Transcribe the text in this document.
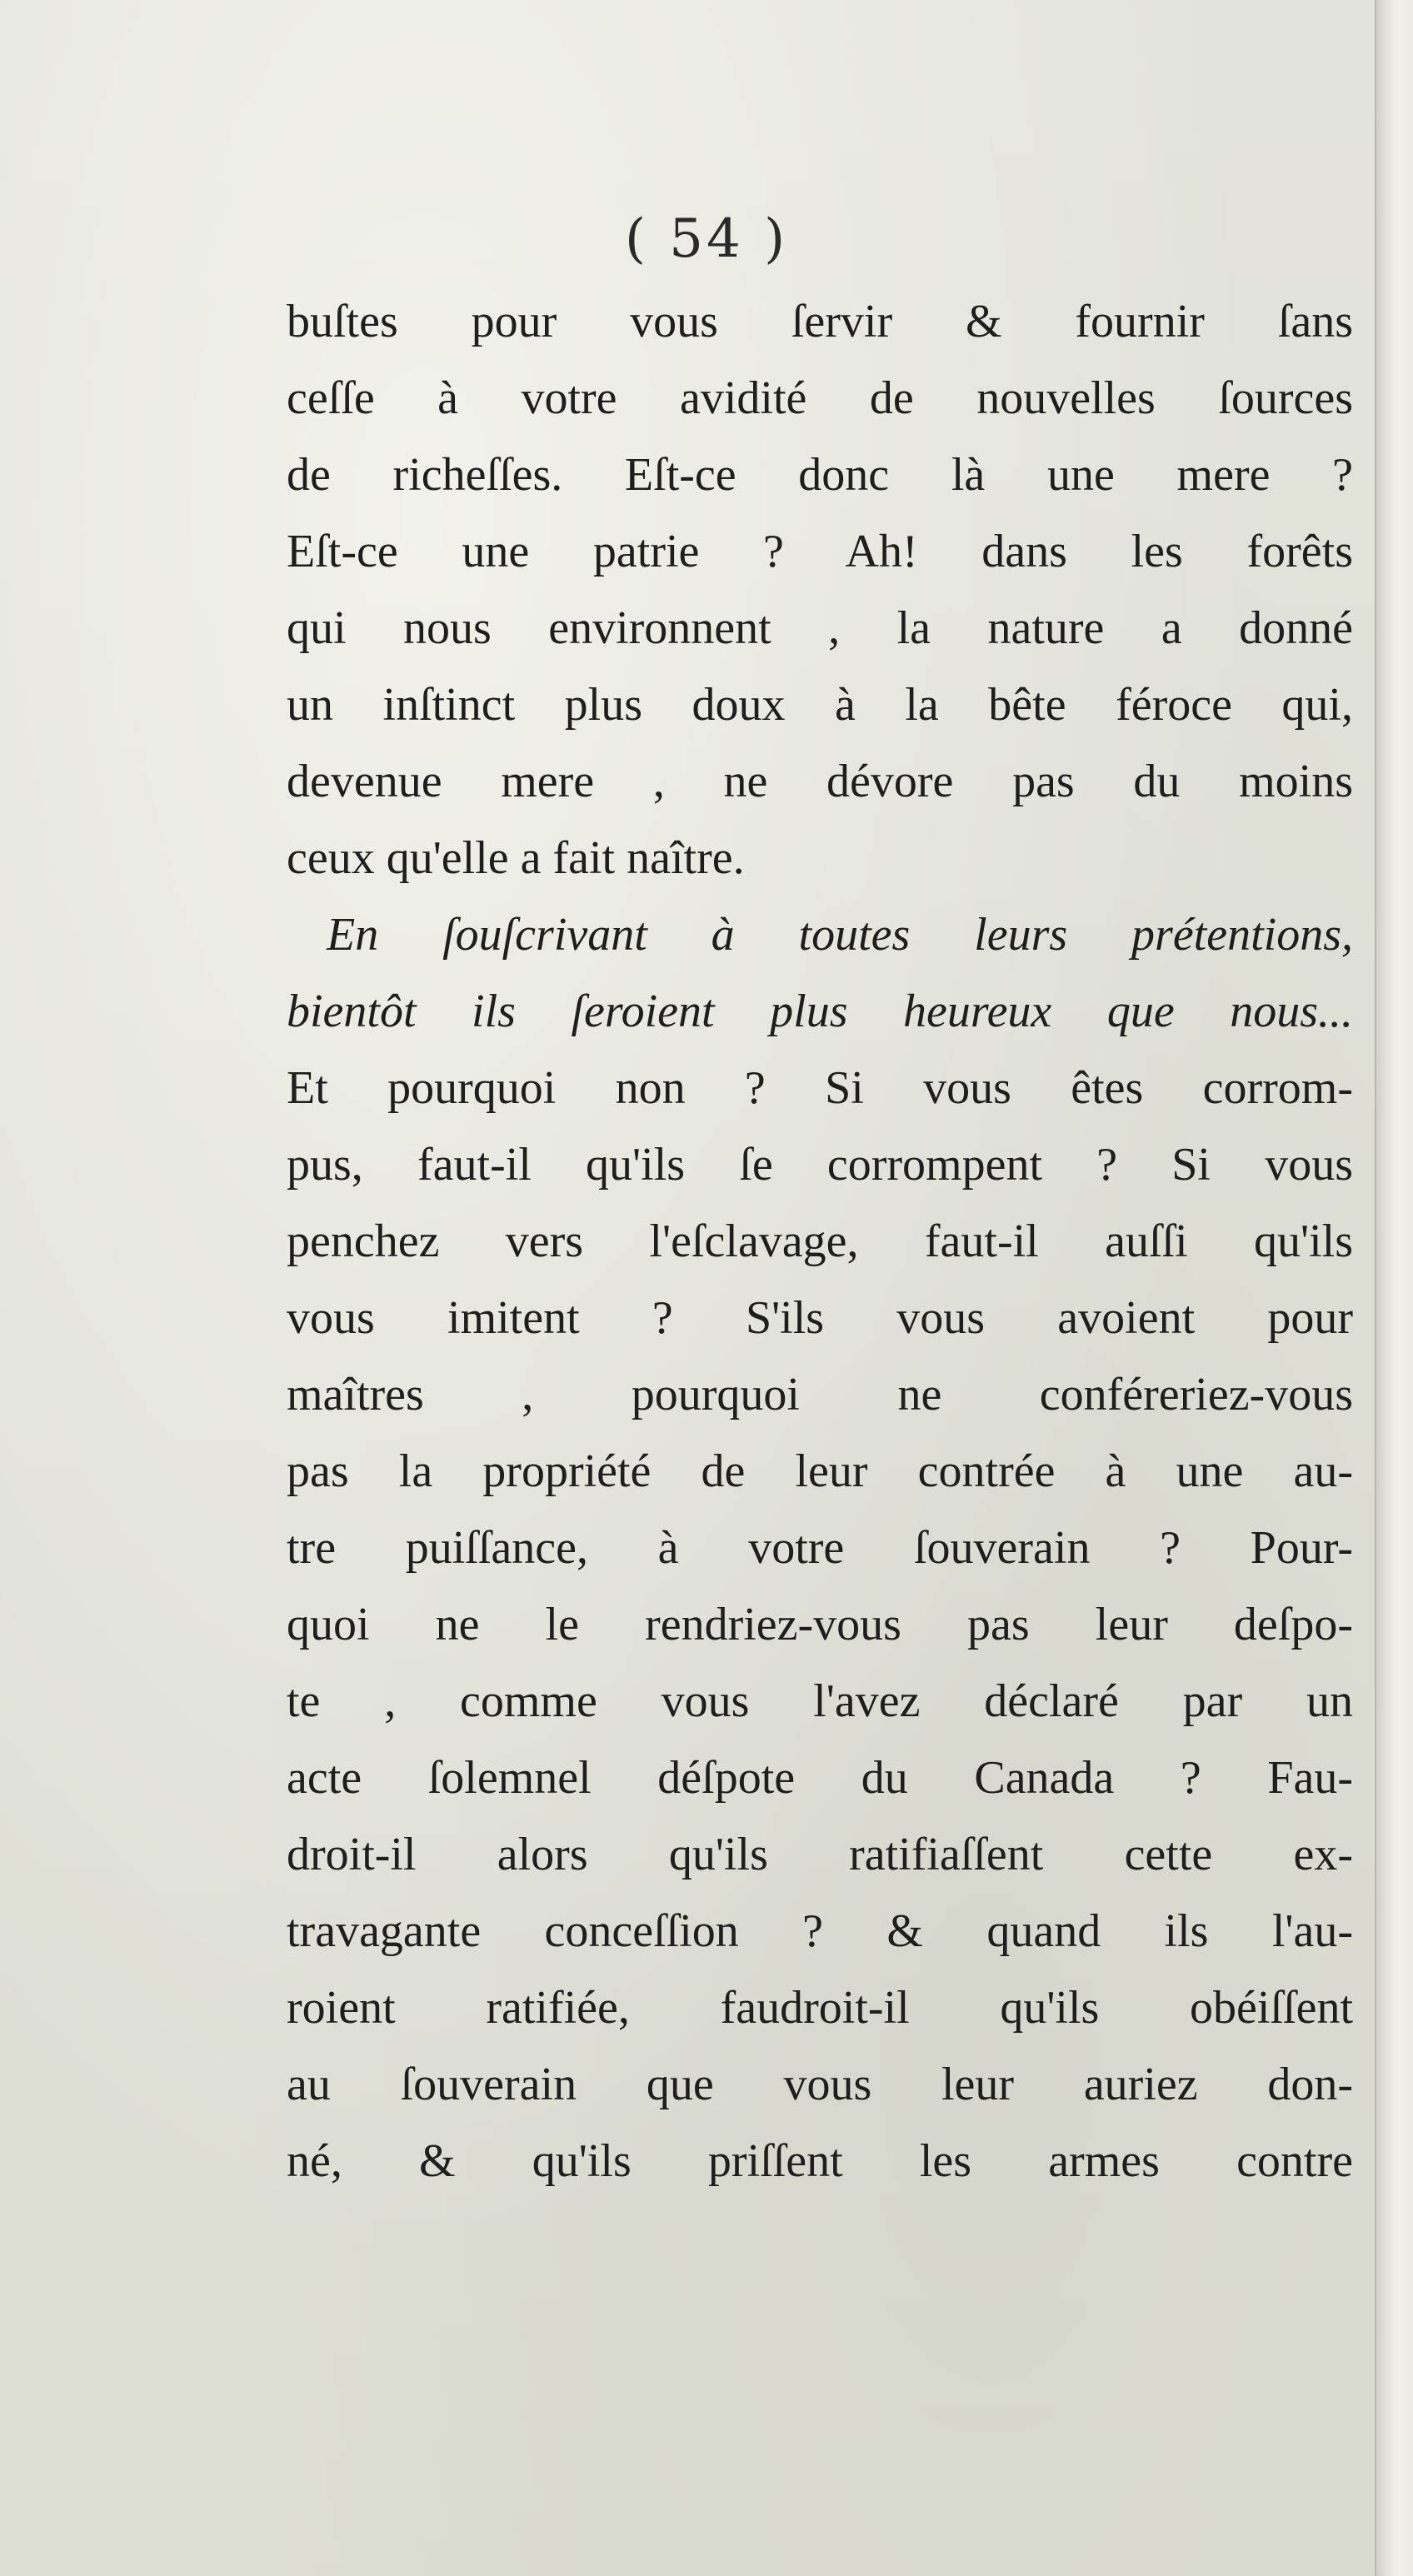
( 54 )
buſtes pour vous ſervir & fournir ſans
ceſſe à votre avidité de nouvelles ſources
de richeſſes. Eſt-ce donc là une mere ?
Eſt-ce une patrie ? Ah! dans les forêts
qui nous environnent , la nature a donné
un inſtinct plus doux à la bête féroce qui,
devenue mere , ne dévore pas du moins
ceux qu'elle a fait naître.
En ſouſcrivant à toutes leurs prétentions,
bientôt ils ſeroient plus heureux que nous...
Et pourquoi non ? Si vous êtes corrom-
pus, faut-il qu'ils ſe corrompent ? Si vous
penchez vers l'eſclavage, faut-il auſſi qu'ils
vous imitent ? S'ils vous avoient pour
maîtres , pourquoi ne conféreriez-vous
pas la propriété de leur contrée à une au-
tre puiſſance, à votre ſouverain ? Pour-
quoi ne le rendriez-vous pas leur deſpo-
te , comme vous l'avez déclaré par un
acte ſolemnel déſpote du Canada ? Fau-
droit-il alors qu'ils ratifiaſſent cette ex-
travagante conceſſion ? & quand ils l'au-
roient ratifiée, faudroit-il qu'ils obéiſſent
au ſouverain que vous leur auriez don-
né, & qu'ils priſſent les armes contre
